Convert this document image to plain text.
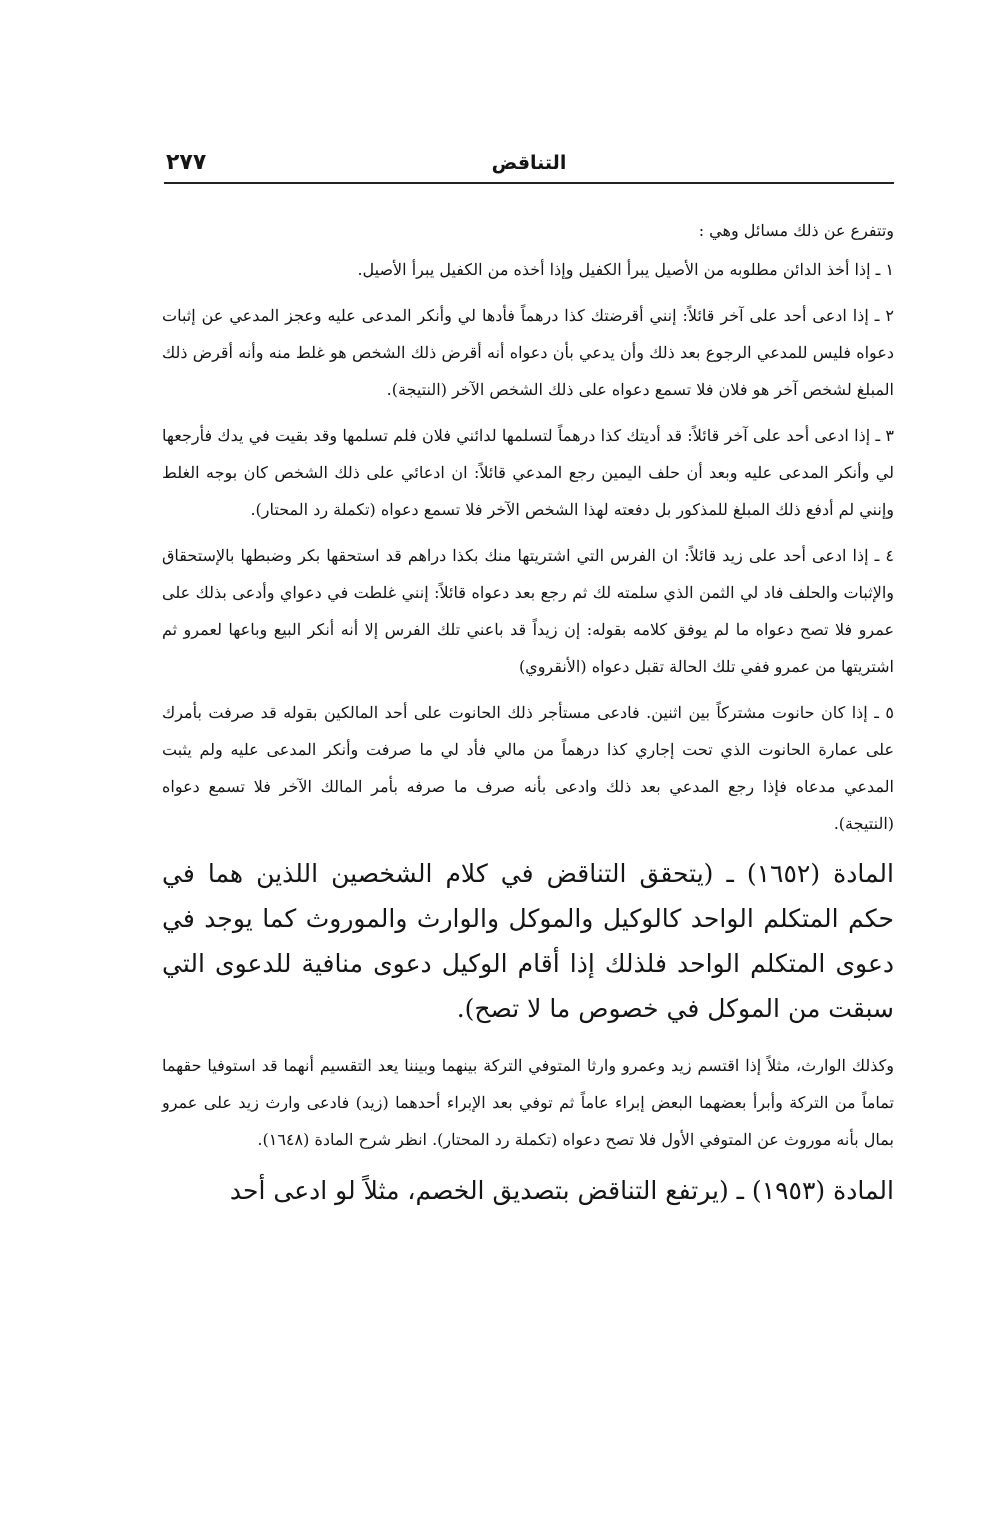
٢٧٧	التناقض

وتتفرع عن ذلك مسائل وهي :

١ ـ إذا أخذ الدائن مطلوبه من الأصيل يبرأ الكفيل وإذا أخذه من الكفيل يبرأ الأصيل.

٢ ـ إذا ادعى أحد على آخر قائلاً: إنني أقرضتك كذا درهماً فأدها لي وأنكر المدعى عليه وعجز المدعي عن إثبات دعواه فليس للمدعي الرجوع بعد ذلك وأن يدعي بأن دعواه أنه أقرض ذلك الشخص هو غلط منه وأنه أقرض ذلك المبلغ لشخص آخر هو فلان فلا تسمع دعواه على ذلك الشخص الآخر (النتيجة).

٣ ـ إذا ادعى أحد على آخر قائلاً: قد أديتك كذا درهماً لتسلمها لدائني فلان فلم تسلمها وقد بقيت في يدك فأرجعها لي وأنكر المدعى عليه وبعد أن حلف اليمين رجع المدعي قائلاً: ان ادعائي على ذلك الشخص كان بوجه الغلط وإنني لم أدفع ذلك المبلغ للمذكور بل دفعته لهذا الشخص الآخر فلا تسمع دعواه (تكملة رد المحتار).

٤ ـ إذا ادعى أحد على زيد قائلاً: ان الفرس التي اشتريتها منك بكذا دراهم قد استحقها بكر وضبطها بالإستحقاق والإثبات والحلف فاد لي الثمن الذي سلمته لك ثم رجع بعد دعواه قائلاً: إنني غلطت في دعواي وأدعى بذلك على عمرو فلا تصح دعواه ما لم يوفق كلامه بقوله: إن زيداً قد باعني تلك الفرس إلا أنه أنكر البيع وباعها لعمرو ثم اشتريتها من عمرو ففي تلك الحالة تقبل دعواه (الأنقروي)

٥ ـ إذا كان حانوت مشتركاً بين اثنين. فادعى مستأجر ذلك الحانوت على أحد المالكين بقوله قد صرفت بأمرك على عمارة الحانوت الذي تحت إجاري كذا درهماً من مالي فأد لي ما صرفت وأنكر المدعى عليه ولم يثبت المدعي مدعاه فإذا رجع المدعي بعد ذلك وادعى بأنه صرف ما صرفه بأمر المالك الآخر فلا تسمع دعواه (النتيجة).

المادة (١٦٥٢) ـ (يتحقق التناقض في كلام الشخصين اللذين هما في حكم المتكلم الواحد كالوكيل والموكل والوارث والموروث كما يوجد في دعوى المتكلم الواحد فلذلك إذا أقام الوكيل دعوى منافية للدعوى التي سبقت من الموكل في خصوص ما لا تصح).

وكذلك الوارث، مثلاً إذا اقتسم زيد وعمرو وارثا المتوفي التركة بينهما وبيننا يعد التقسيم أنهما قد استوفيا حقهما تماماً من التركة وأبرأ بعضهما البعض إبراء عاماً ثم توفي بعد الإبراء أحدهما (زيد) فادعى وارث زيد على عمرو بمال بأنه موروث عن المتوفي الأول فلا تصح دعواه (تكملة رد المحتار). انظر شرح المادة (١٦٤٨).

المادة (١٩٥٣) ـ (يرتفع التناقض بتصديق الخصم، مثلاً لو ادعى أحد
